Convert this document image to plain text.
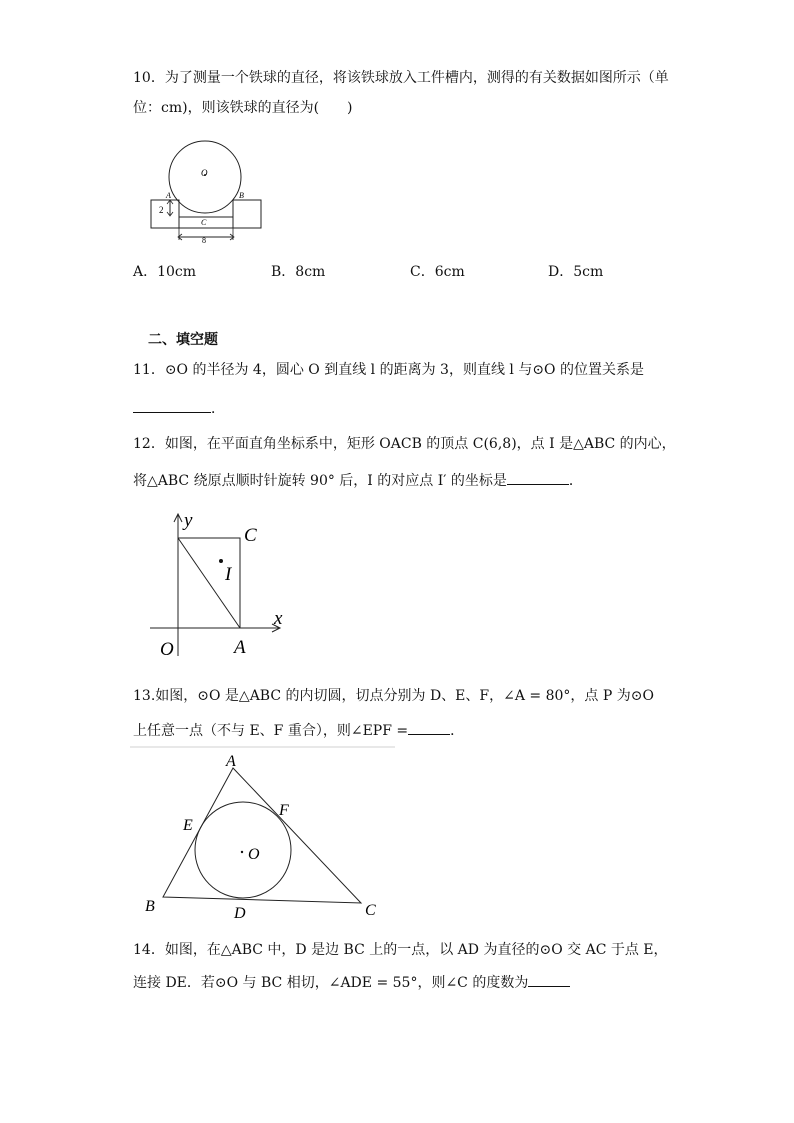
10．为了测量一个铁球的直径，将该铁球放入工件槽内，测得的有关数据如图所示（单
位：cm)，则该铁球的直径为(　　)
O
A	B
C
2
8
A．10cm	B．8cm	C．6cm	D．5cm
二、填空题
11．⊙O 的半径为 4，圆心 O 到直线 l 的距离为 3，则直线 l 与⊙O 的位置关系是
．
12．如图，在平面直角坐标系中，矩形 OACB 的顶点 C(6,8)，点 I 是△ABC 的内心，
将△ABC 绕原点顺时针旋转 90° 后，I 的对应点 I′ 的坐标是	．
y
x
C
I
O	A
13.如图，⊙O 是△ABC 的内切圆，切点分别为 D、E、F，∠A = 80°，点 P 为⊙O
上任意一点（不与 E、F 重合），则∠EPF =	．
A
B	C
D
E
F
O
14．如图，在△ABC 中，D 是边 BC 上的一点，以 AD 为直径的⊙O 交 AC 于点 E，
连接 DE．若⊙O 与 BC 相切，∠ADE = 55°，则∠C 的度数为
